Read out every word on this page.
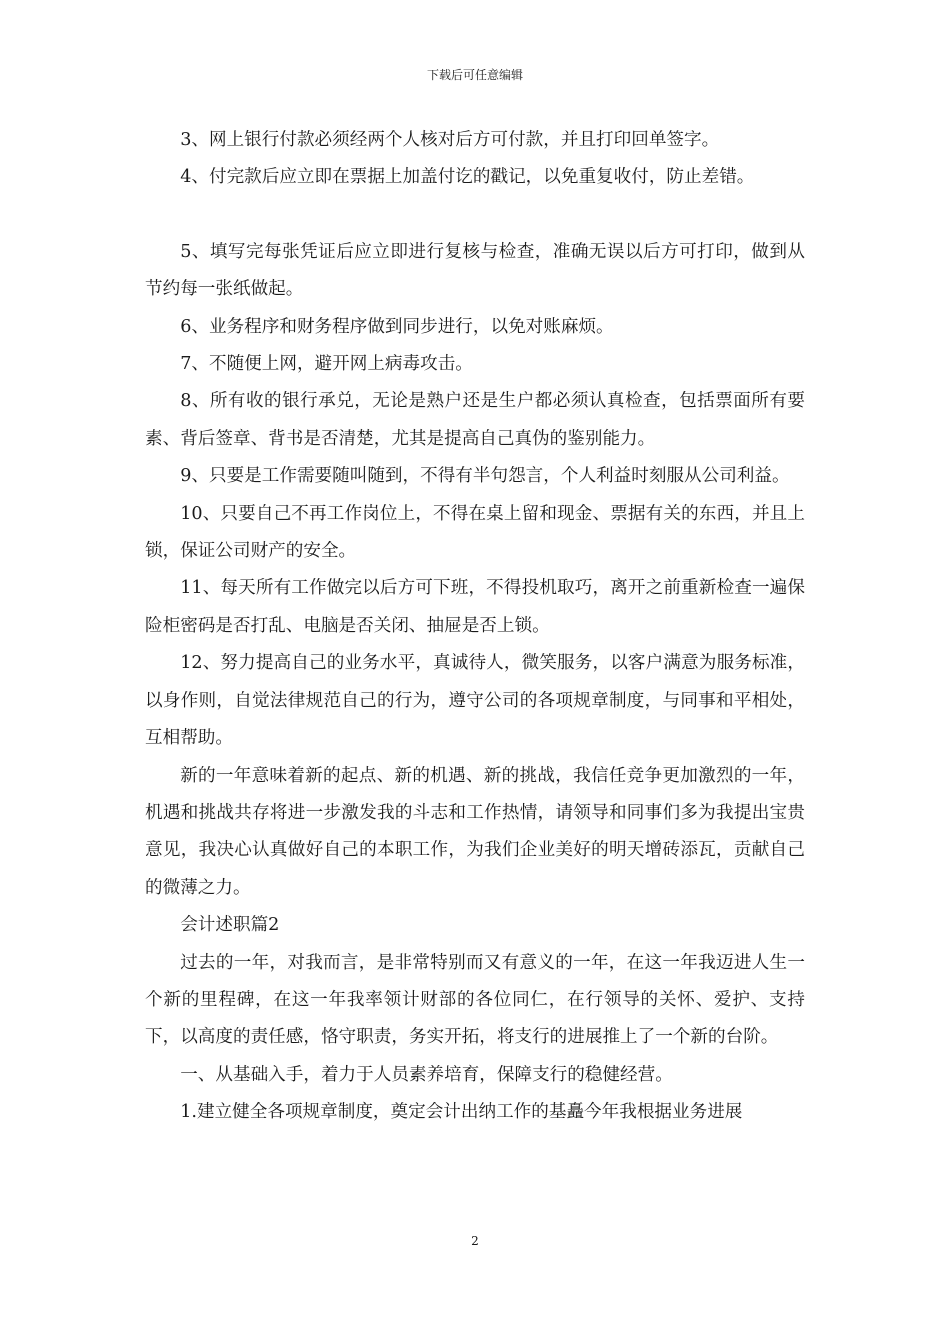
下载后可任意编辑

3、网上银行付款必须经两个人核对后方可付款，并且打印回单签字。

4、付完款后应立即在票据上加盖付讫的戳记，以免重复收付，防止差错。

5、填写完每张凭证后应立即进行复核与检查，准确无误以后方可打印，做到从节约每一张纸做起。

6、业务程序和财务程序做到同步进行，以免对账麻烦。

7、不随便上网，避开网上病毒攻击。

8、所有收的银行承兑，无论是熟户还是生户都必须认真检查，包括票面所有要素、背后签章、背书是否清楚，尤其是提高自己真伪的鉴别能力。

9、只要是工作需要随叫随到，不得有半句怨言，个人利益时刻服从公司利益。

10、只要自己不再工作岗位上，不得在桌上留和现金、票据有关的东西，并且上锁，保证公司财产的安全。

11、每天所有工作做完以后方可下班，不得投机取巧，离开之前重新检查一遍保险柜密码是否打乱、电脑是否关闭、抽屉是否上锁。

12、努力提高自己的业务水平，真诚待人，微笑服务，以客户满意为服务标准，以身作则，自觉法律规范自己的行为，遵守公司的各项规章制度，与同事和平相处，互相帮助。

新的一年意味着新的起点、新的机遇、新的挑战，我信任竞争更加激烈的一年，机遇和挑战共存将进一步激发我的斗志和工作热情，请领导和同事们多为我提出宝贵意见，我决心认真做好自己的本职工作，为我们企业美好的明天增砖添瓦，贡献自己的微薄之力。

会计述职篇2

过去的一年，对我而言，是非常特别而又有意义的一年，在这一年我迈进人生一个新的里程碑，在这一年我率领计财部的各位同仁，在行领导的关怀、爱护、支持下，以高度的责任感，恪守职责，务实开拓，将支行的进展推上了一个新的台阶。

一、从基础入手，着力于人员素养培育，保障支行的稳健经营。

1.建立健全各项规章制度，奠定会计出纳工作的基矗今年我根据业务进展

2
